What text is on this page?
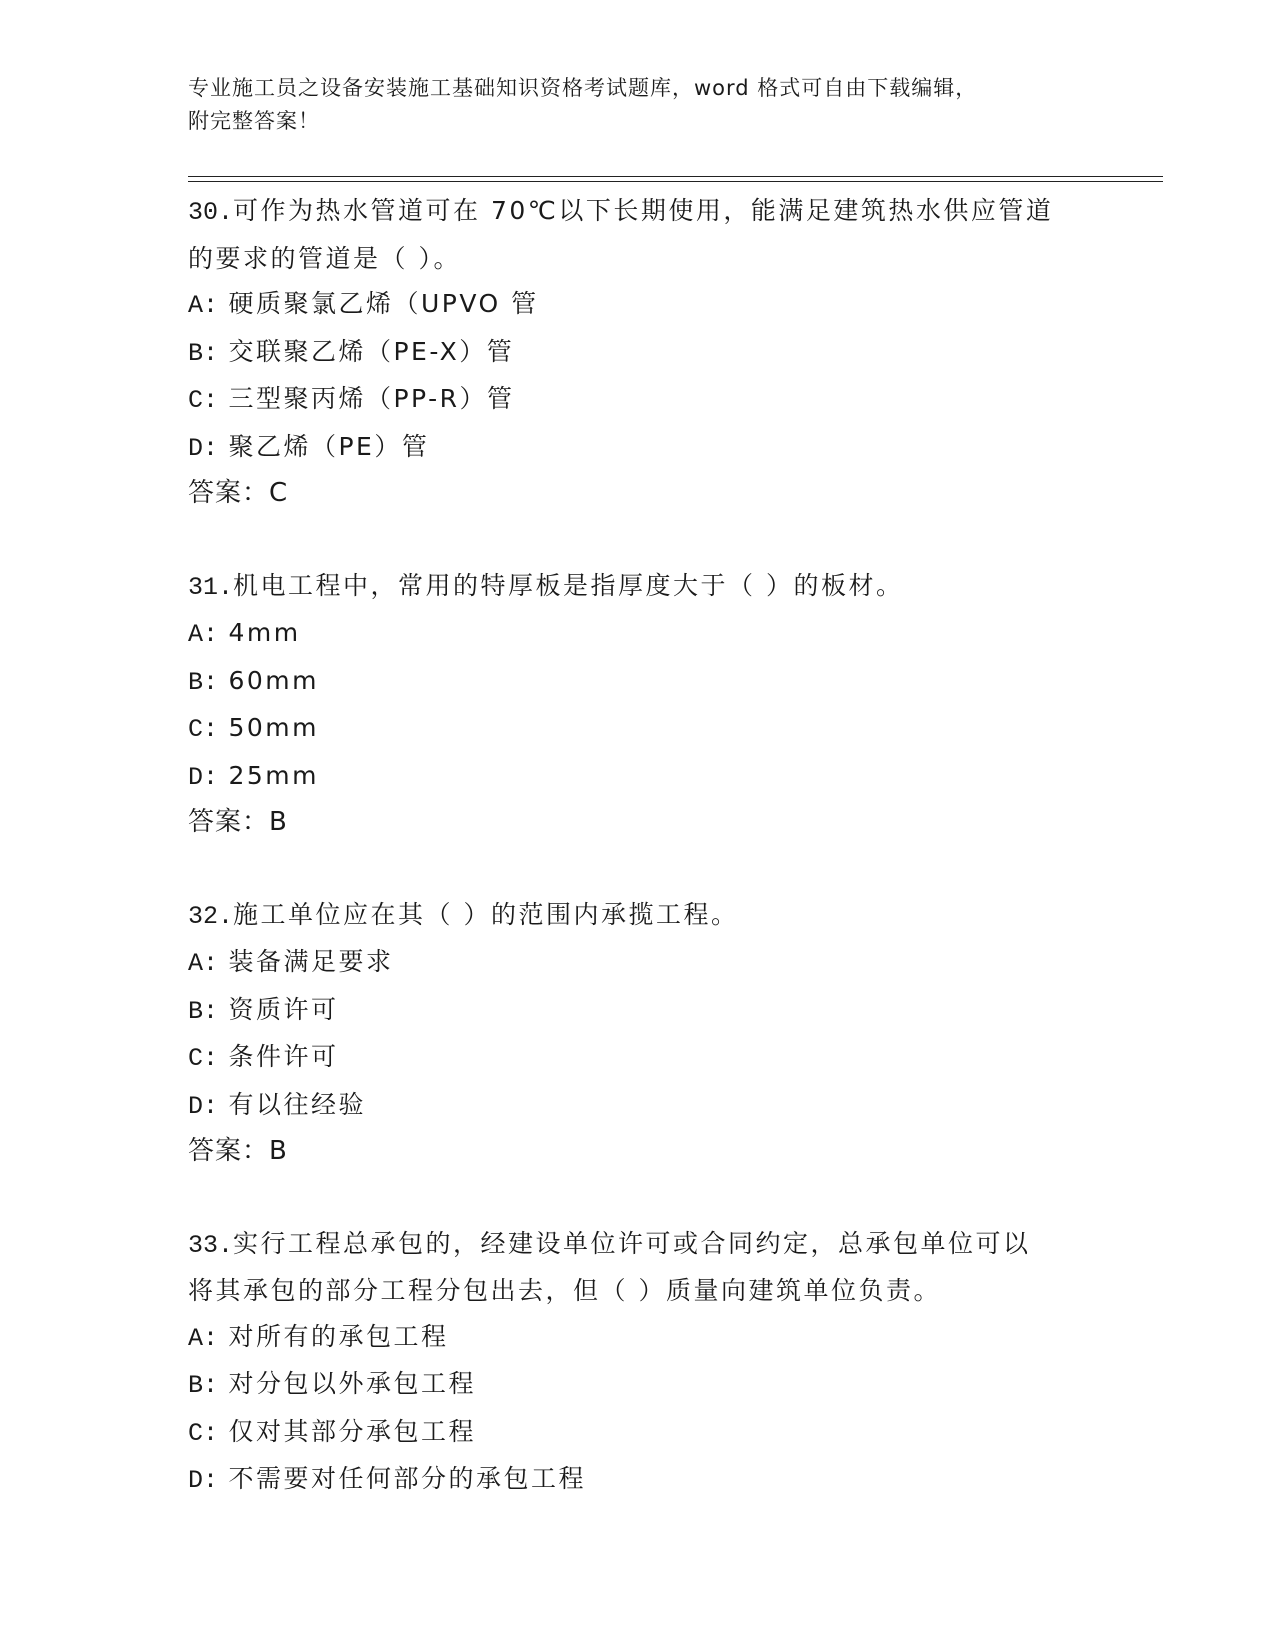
专业施工员之设备安装施工基础知识资格考试题库，word 格式可自由下载编辑，
附完整答案！
30.可作为热水管道可在 70℃以下长期使用，能满足建筑热水供应管道
的要求的管道是（ ）。
A: 硬质聚氯乙烯（UPVO 管
B: 交联聚乙烯（PE-X）管
C: 三型聚丙烯（PP-R）管
D: 聚乙烯（PE）管
答案：C
31.机电工程中，常用的特厚板是指厚度大于（ ）的板材。
A: 4mm
B: 60mm
C: 50mm
D: 25mm
答案：B
32.施工单位应在其（ ）的范围内承揽工程。
A: 装备满足要求
B: 资质许可
C: 条件许可
D: 有以往经验
答案：B
33.实行工程总承包的，经建设单位许可或合同约定，总承包单位可以
将其承包的部分工程分包出去，但（ ）质量向建筑单位负责。
A: 对所有的承包工程
B: 对分包以外承包工程
C: 仅对其部分承包工程
D: 不需要对任何部分的承包工程
